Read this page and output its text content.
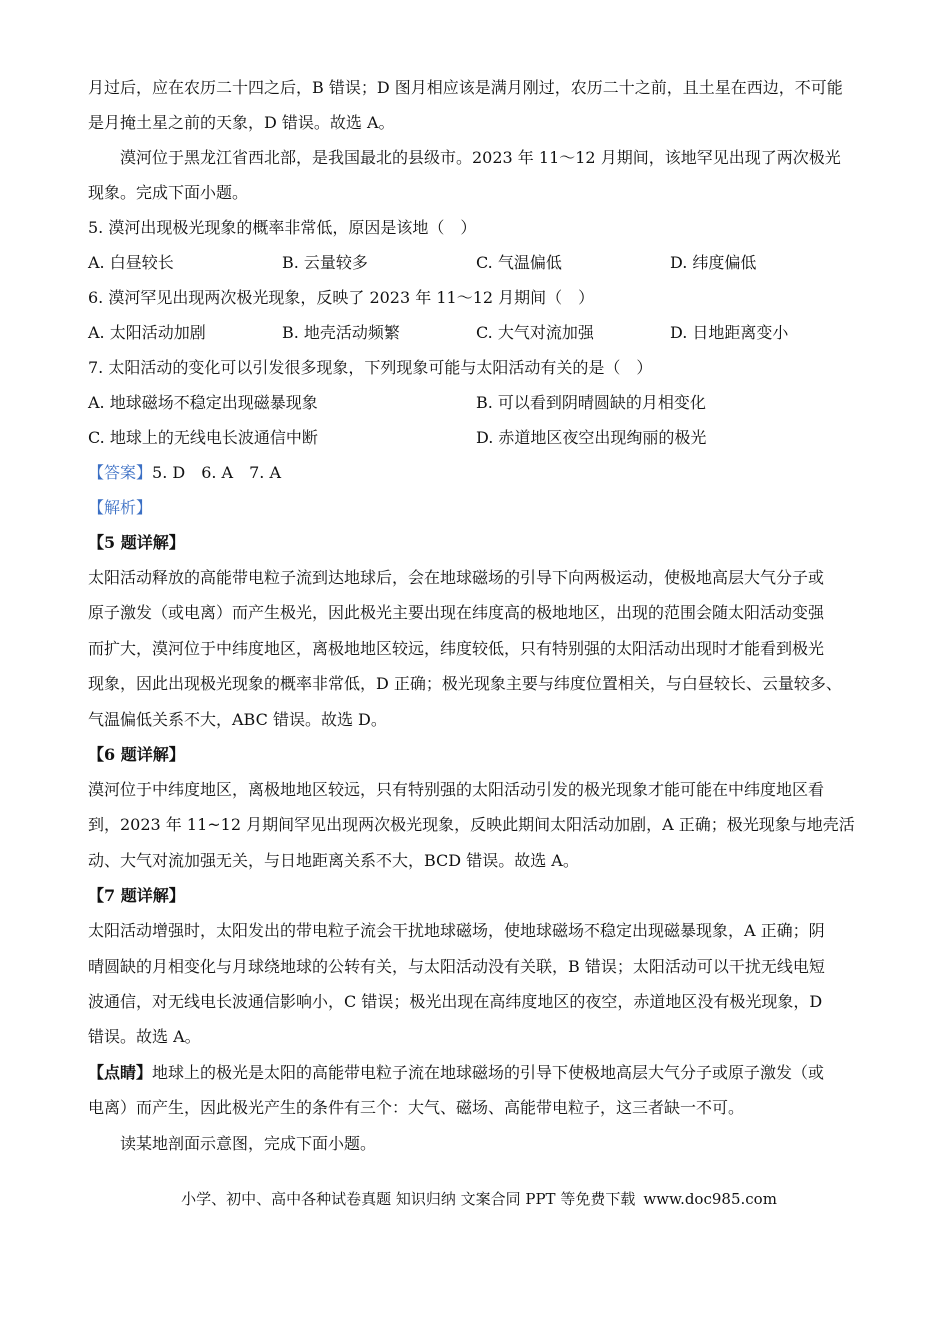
月过后，应在农历二十四之后，B 错误；D 图月相应该是满月刚过，农历二十之前，且土星在西边，不可能
是月掩土星之前的天象，D 错误。故选 A。
漠河位于黑龙江省西北部，是我国最北的县级市。2023 年 11～12 月期间，该地罕见出现了两次极光
现象。完成下面小题。
5. 漠河出现极光现象的概率非常低，原因是该地（　）
A. 白昼较长	B. 云量较多	C. 气温偏低	D. 纬度偏低
6. 漠河罕见出现两次极光现象，反映了 2023 年 11～12 月期间（　）
A. 太阳活动加剧	B. 地壳活动频繁	C. 大气对流加强	D. 日地距离变小
7. 太阳活动的变化可以引发很多现象，下列现象可能与太阳活动有关的是（　）
A. 地球磁场不稳定出现磁暴现象	B. 可以看到阴晴圆缺的月相变化
C. 地球上的无线电长波通信中断	D. 赤道地区夜空出现绚丽的极光
【答案】5. D　6. A　7. A
【解析】
【5 题详解】
太阳活动释放的高能带电粒子流到达地球后，会在地球磁场的引导下向两极运动，使极地高层大气分子或
原子激发（或电离）而产生极光，因此极光主要出现在纬度高的极地地区，出现的范围会随太阳活动变强
而扩大，漠河位于中纬度地区，离极地地区较远，纬度较低，只有特别强的太阳活动出现时才能看到极光
现象，因此出现极光现象的概率非常低，D 正确；极光现象主要与纬度位置相关，与白昼较长、云量较多、
气温偏低关系不大，ABC 错误。故选 D。
【6 题详解】
漠河位于中纬度地区，离极地地区较远，只有特别强的太阳活动引发的极光现象才能可能在中纬度地区看
到，2023 年 11~12 月期间罕见出现两次极光现象，反映此期间太阳活动加剧，A 正确；极光现象与地壳活
动、大气对流加强无关，与日地距离关系不大，BCD 错误。故选 A。
【7 题详解】
太阳活动增强时，太阳发出的带电粒子流会干扰地球磁场，使地球磁场不稳定出现磁暴现象，A 正确；阴
晴圆缺的月相变化与月球绕地球的公转有关，与太阳活动没有关联，B 错误；太阳活动可以干扰无线电短
波通信，对无线电长波通信影响小，C 错误；极光出现在高纬度地区的夜空，赤道地区没有极光现象，D
错误。故选 A。
【点睛】地球上的极光是太阳的高能带电粒子流在地球磁场的引导下使极地高层大气分子或原子激发（或
电离）而产生，因此极光产生的条件有三个：大气、磁场、高能带电粒子，这三者缺一不可。
读某地剖面示意图，完成下面小题。
小学、初中、高中各种试卷真题 知识归纳 文案合同 PPT 等免费下载 www.doc985.com
